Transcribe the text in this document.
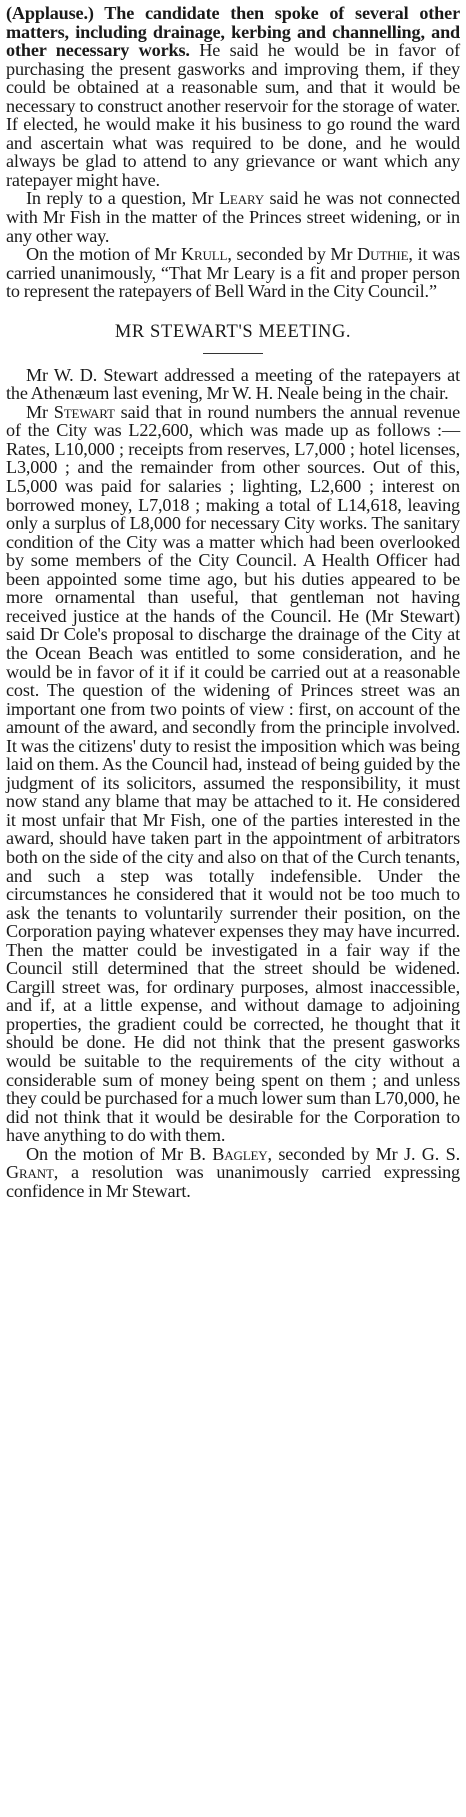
(Applause.) The candidate then spoke of several other matters, including drainage, kerbing and channelling, and other necessary works. He said he would be in favor of purchasing the present gasworks and improving them, if they could be obtained at a reasonable sum, and that it would be necessary to construct another reservoir for the storage of water. If elected, he would make it his business to go round the ward and ascertain what was required to be done, and he would always be glad to attend to any grievance or want which any ratepayer might have.

In reply to a question, Mr Leary said he was not connected with Mr Fish in the matter of the Princes street widening, or in any other way.

On the motion of Mr Krull, seconded by Mr Duthie, it was carried unanimously, “That Mr Leary is a fit and proper person to represent the ratepayers of Bell Ward in the City Council.”

MR STEWART'S MEETING.

Mr W. D. Stewart addressed a meeting of the ratepayers at the Athenæum last evening, Mr W. H. Neale being in the chair.

Mr Stewart said that in round numbers the annual revenue of the City was L22,600, which was made up as follows :—Rates, L10,000 ; receipts from reserves, L7,000 ; hotel licenses, L3,000 ; and the remainder from other sources. Out of this, L5,000 was paid for salaries ; lighting, L2,600 ; interest on borrowed money, L7,018 ; making a total of L14,618, leaving only a surplus of L8,000 for necessary City works. The sanitary condition of the City was a matter which had been overlooked by some members of the City Council. A Health Officer had been appointed some time ago, but his duties appeared to be more ornamental than useful, that gentleman not having received justice at the hands of the Council. He (Mr Stewart) said Dr Cole's proposal to discharge the drainage of the City at the Ocean Beach was entitled to some consideration, and he would be in favor of it if it could be carried out at a reasonable cost. The question of the widening of Princes street was an important one from two points of view : first, on account of the amount of the award, and secondly from the principle involved. It was the citizens' duty to resist the imposition which was being laid on them. As the Council had, instead of being guided by the judgment of its solicitors, assumed the responsibility, it must now stand any blame that may be attached to it. He considered it most unfair that Mr Fish, one of the parties interested in the award, should have taken part in the appointment of arbitrators both on the side of the city and also on that of the Curch tenants, and such a step was totally indefensible. Under the circumstances he considered that it would not be too much to ask the tenants to voluntarily surrender their position, on the Corporation paying whatever expenses they may have incurred. Then the matter could be investigated in a fair way if the Council still determined that the street should be widened. Cargill street was, for ordinary purposes, almost inaccessible, and if, at a little expense, and without damage to adjoining properties, the gradient could be corrected, he thought that it should be done. He did not think that the present gasworks would be suitable to the requirements of the city without a considerable sum of money being spent on them ; and unless they could be purchased for a much lower sum than L70,000, he did not think that it would be desirable for the Corporation to have anything to do with them.

On the motion of Mr B. Bagley, seconded by Mr J. G. S. Grant, a resolution was unanimously carried expressing confidence in Mr Stewart.
